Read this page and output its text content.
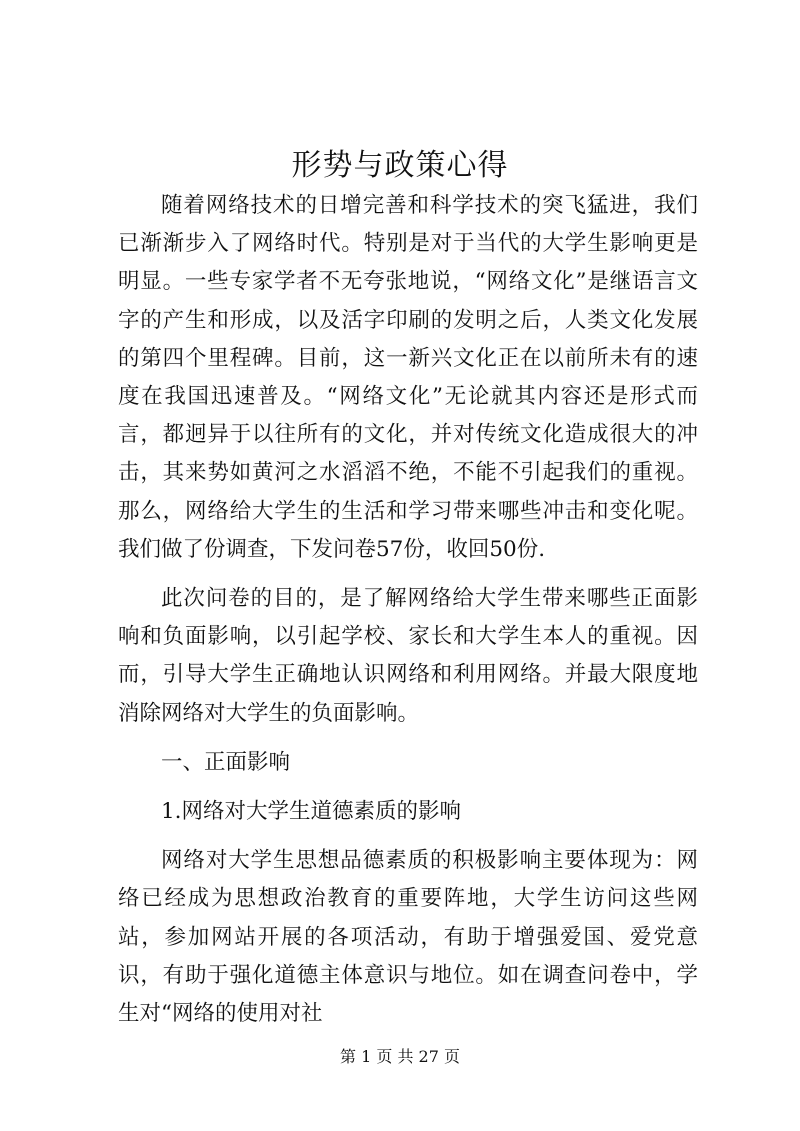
形势与政策心得

随着网络技术的日增完善和科学技术的突飞猛进，我们已渐渐步入了网络时代。特别是对于当代的大学生影响更是明显。一些专家学者不无夸张地说，“网络文化”是继语言文字的产生和形成，以及活字印刷的发明之后，人类文化发展的第四个里程碑。目前，这一新兴文化正在以前所未有的速度在我国迅速普及。“网络文化”无论就其内容还是形式而言，都迥异于以往所有的文化，并对传统文化造成很大的冲击，其来势如黄河之水滔滔不绝，不能不引起我们的重视。那么，网络给大学生的生活和学习带来哪些冲击和变化呢。我们做了份调查，下发问卷57份，收回50份.

此次问卷的目的，是了解网络给大学生带来哪些正面影响和负面影响，以引起学校、家长和大学生本人的重视。因而，引导大学生正确地认识网络和利用网络。并最大限度地消除网络对大学生的负面影响。

一、正面影响

1.网络对大学生道德素质的影响

网络对大学生思想品德素质的积极影响主要体现为：网络已经成为思想政治教育的重要阵地，大学生访问这些网站，参加网站开展的各项活动，有助于增强爱国、爱党意识，有助于强化道德主体意识与地位。如在调查问卷中，学生对“网络的使用对社

第 1 页 共 27 页
